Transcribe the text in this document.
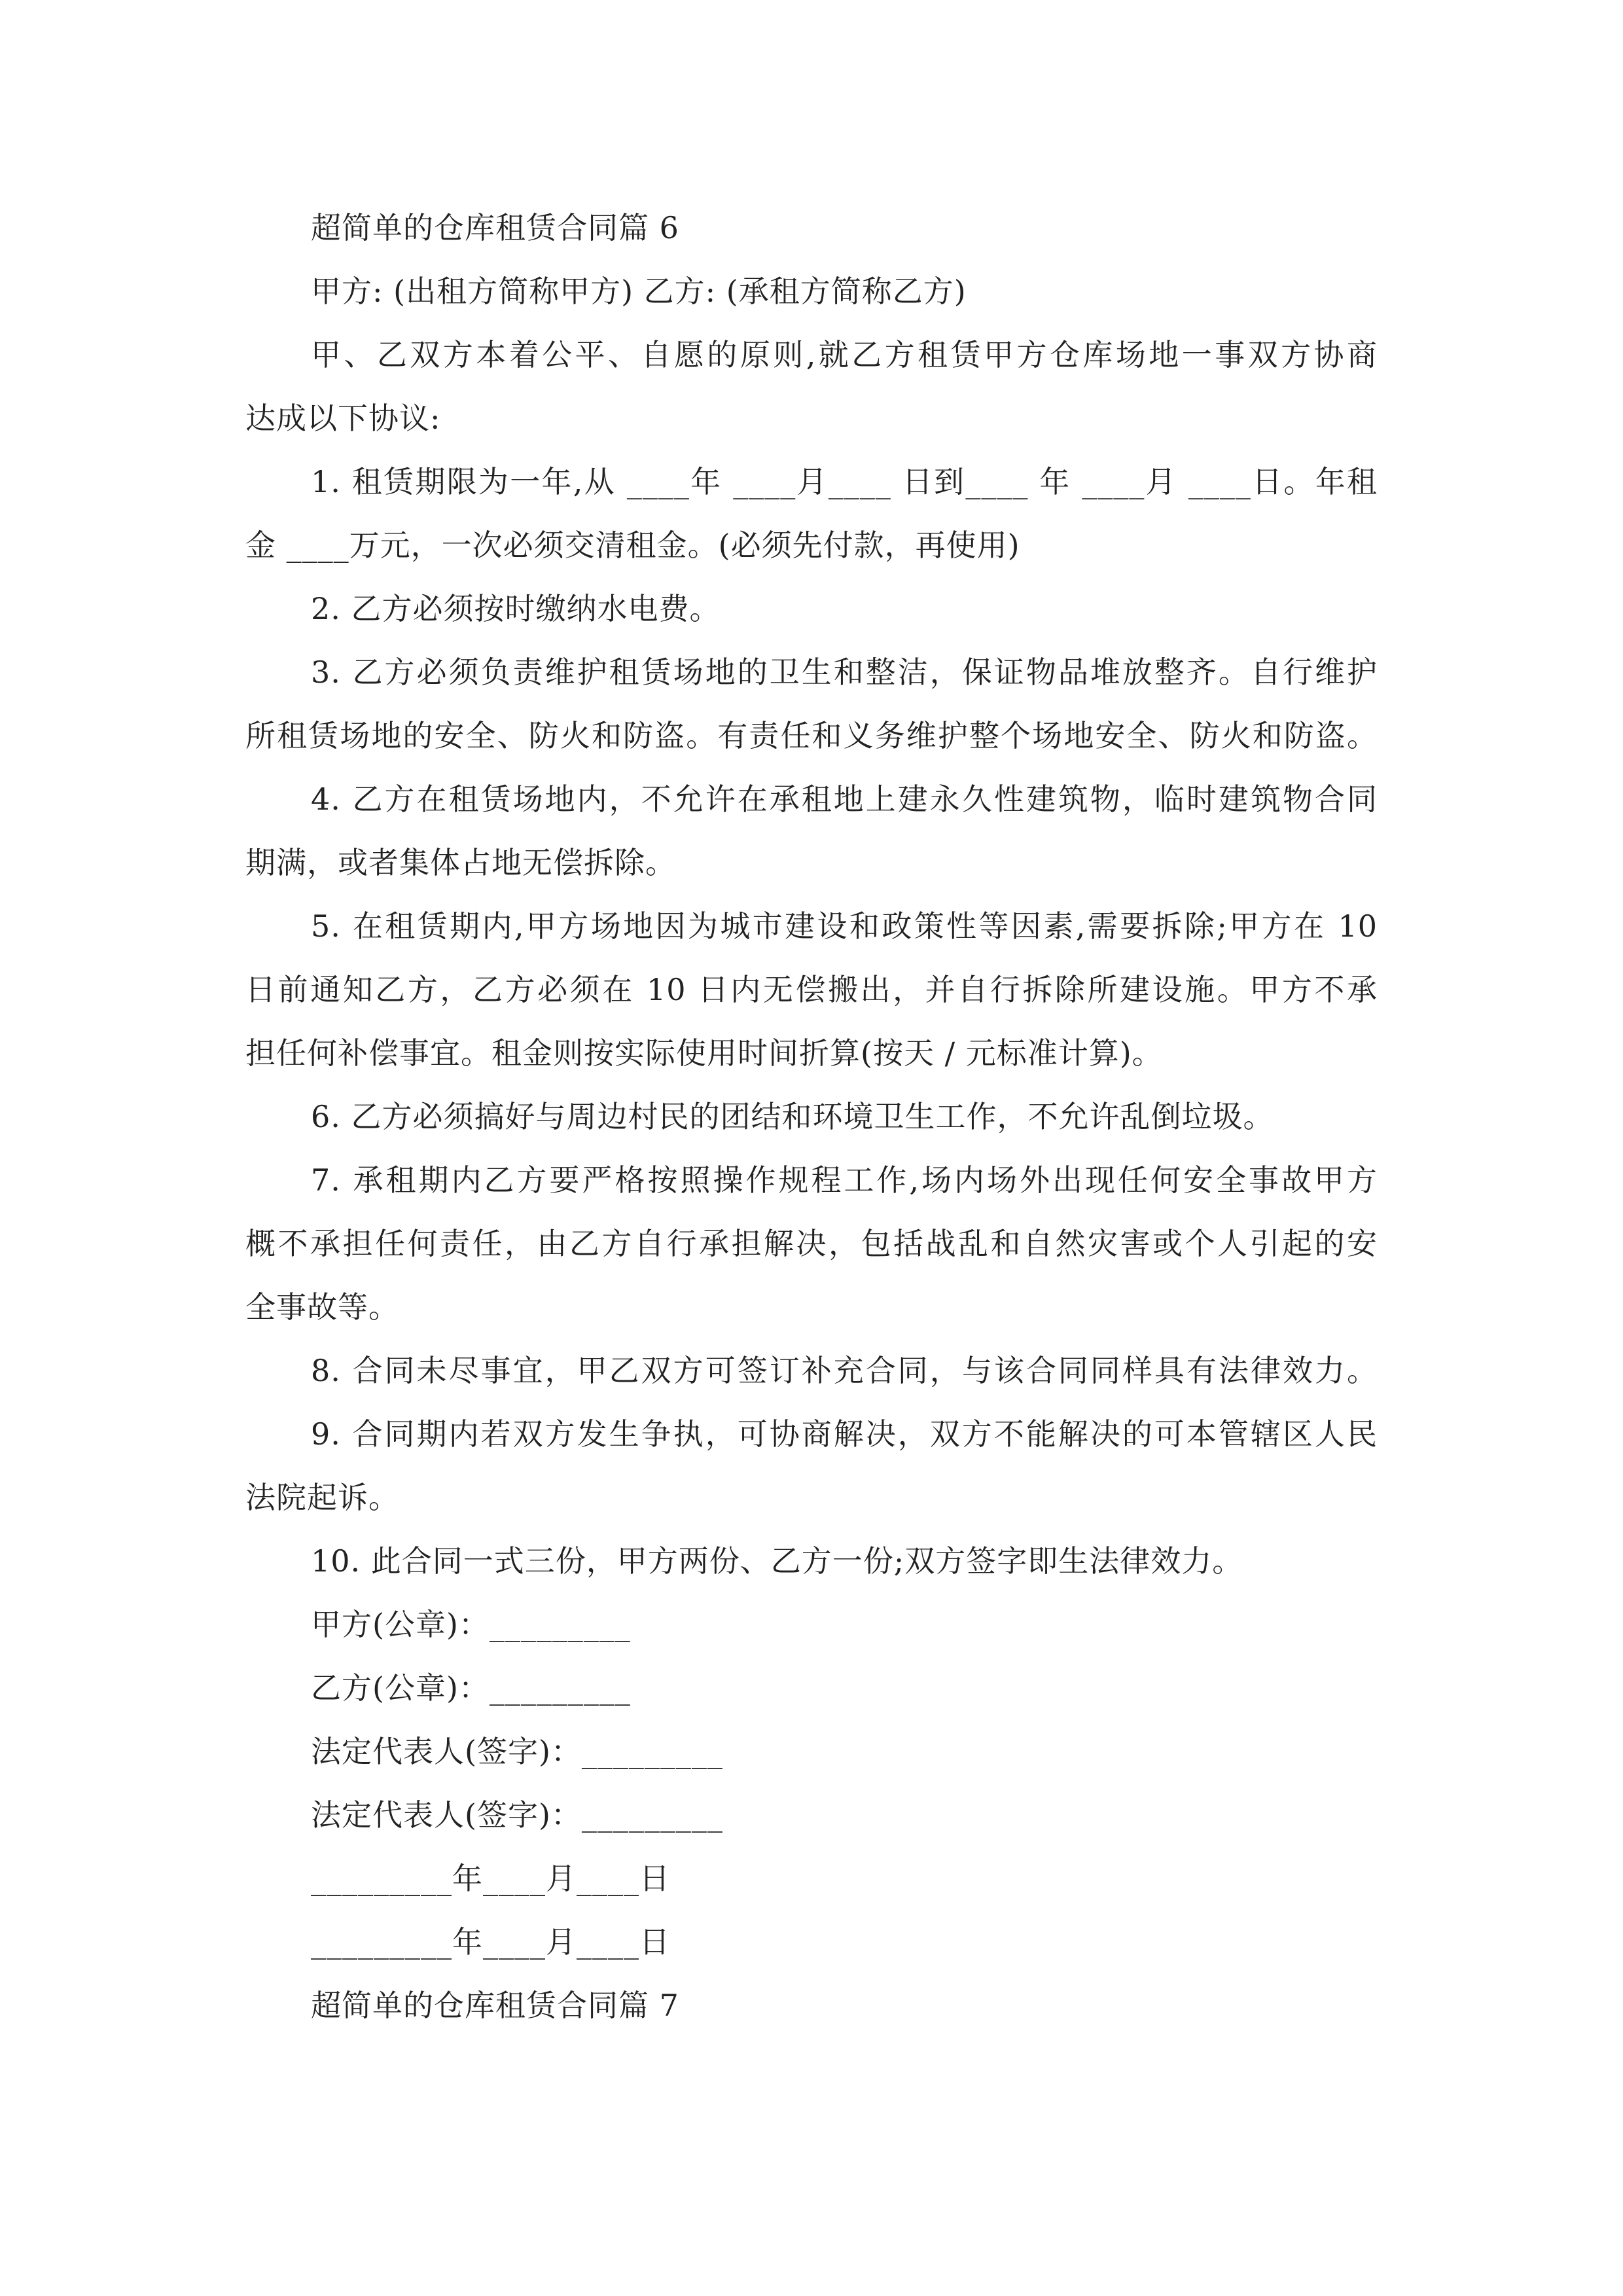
超简单的仓库租赁合同篇 6
甲方: (出租方简称甲方) 乙方: (承租方简称乙方)
甲、乙双方本着公平、自愿的原则,就乙方租赁甲方仓库场地一事双方协商
达成以下协议:
1. 租赁期限为一年,从 ____年 ____月____ 日到____ 年 ____月 ____日。年租
金 ____万元，一次必须交清租金。(必须先付款，再使用)
2. 乙方必须按时缴纳水电费。
3. 乙方必须负责维护租赁场地的卫生和整洁，保证物品堆放整齐。自行维护
所租赁场地的安全、防火和防盗。有责任和义务维护整个场地安全、防火和防盗。
4. 乙方在租赁场地内，不允许在承租地上建永久性建筑物，临时建筑物合同
期满，或者集体占地无偿拆除。
5. 在租赁期内,甲方场地因为城市建设和政策性等因素,需要拆除;甲方在 10
日前通知乙方，乙方必须在 10 日内无偿搬出，并自行拆除所建设施。甲方不承
担任何补偿事宜。租金则按实际使用时间折算(按天 / 元标准计算)。
6. 乙方必须搞好与周边村民的团结和环境卫生工作，不允许乱倒垃圾。
7. 承租期内乙方要严格按照操作规程工作,场内场外出现任何安全事故甲方
概不承担任何责任，由乙方自行承担解决，包括战乱和自然灾害或个人引起的安
全事故等。
8. 合同未尽事宜，甲乙双方可签订补充合同，与该合同同样具有法律效力。
9. 合同期内若双方发生争执，可协商解决，双方不能解决的可本管辖区人民
法院起诉。
10. 此合同一式三份，甲方两份、乙方一份;双方签字即生法律效力。
甲方(公章)：_________
乙方(公章)：_________
法定代表人(签字)：_________
法定代表人(签字)：_________
_________年____月____日
_________年____月____日
超简单的仓库租赁合同篇 7
